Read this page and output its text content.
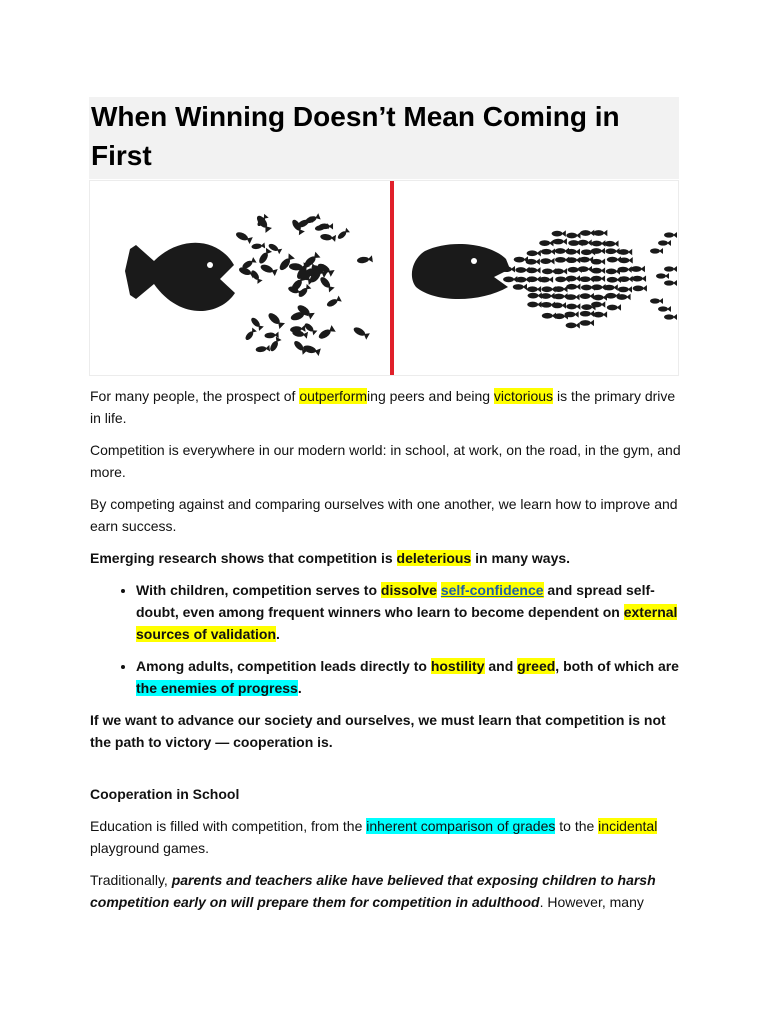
When Winning Doesn’t Mean Coming in First

For many people, the prospect of outperforming peers and being victorious is the primary drive in life.

Competition is everywhere in our modern world: in school, at work, on the road, in the gym, and more.

By competing against and comparing ourselves with one another, we learn how to improve and earn success.

Emerging research shows that competition is deleterious in many ways.

• With children, competition serves to dissolve self-confidence and spread self-doubt, even among frequent winners who learn to become dependent on external sources of validation.
• Among adults, competition leads directly to hostility and greed, both of which are the enemies of progress.

If we want to advance our society and ourselves, we must learn that competition is not the path to victory — cooperation is.

Cooperation in School

Education is filled with competition, from the inherent comparison of grades to the incidental playground games.

Traditionally, parents and teachers alike have believed that exposing children to harsh competition early on will prepare them for competition in adulthood. However, many
